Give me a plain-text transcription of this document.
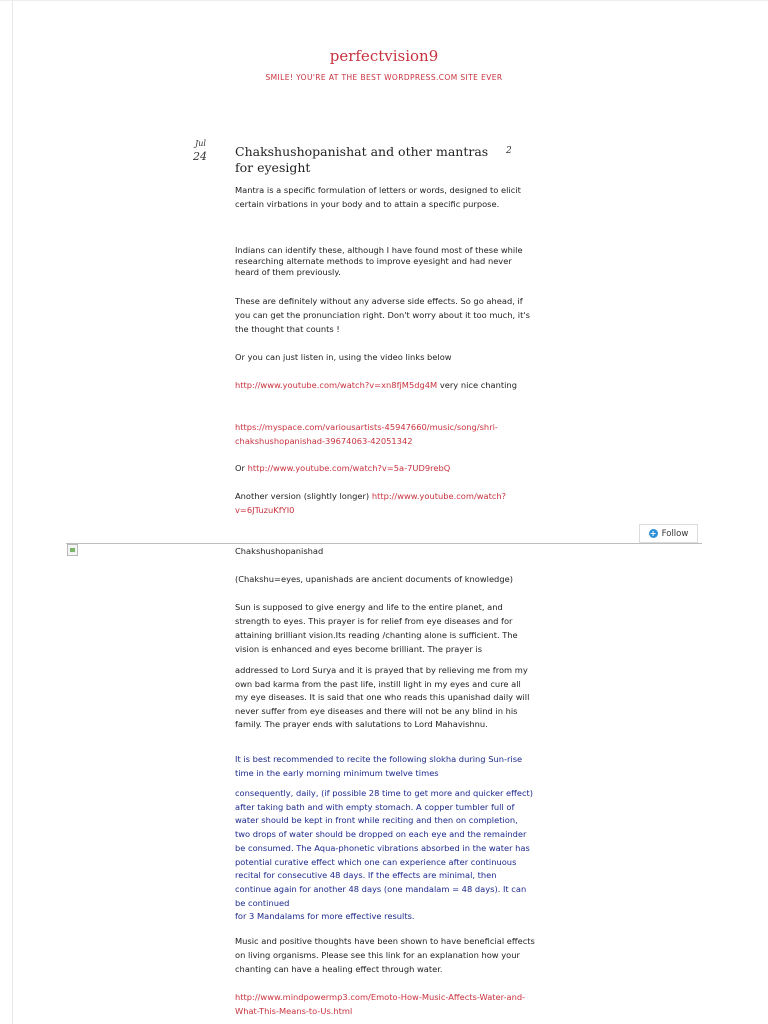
perfectvision9
SMILE! YOU'RE AT THE BEST WORDPRESS.COM SITE EVER
Jul
24 Chakshushopanishat and other mantras for eyesight
2
Mantra is a specific formulation of letters or words, designed to elicit certain virbations in your body and to attain a specific purpose.
Indians can identify these, although I have found most of these while researching alternate methods to improve eyesight and had never heard of them previously.
These are definitely without any adverse side effects. So go ahead, if you can get the pronunciation right. Don't worry about it too much, it's the thought that counts !
Or you can just listen in, using the video links below
http://www.youtube.com/watch?v=xn8fjM5dg4M very nice chanting
https://myspace.com/variousartists-45947660/music/song/shri-chakshushopanishad-39674063-42051342
Or http://www.youtube.com/watch?v=5a-7UD9rebQ
Another version (slightly longer) http://www.youtube.com/watch?v=6JTuzuKfYI0
+ Follow
Chakshushopanishad
(Chakshu=eyes, upanishads are ancient documents of knowledge)
Sun is supposed to give energy and life to the entire planet, and strength to eyes. This prayer is for relief from eye diseases and for attaining brilliant vision.Its reading /chanting alone is sufficient. The vision is enhanced and eyes become brilliant. The prayer is
addressed to Lord Surya and it is prayed that by relieving me from my own bad karma from the past life, instill light in my eyes and cure all my eye diseases. It is said that one who reads this upanishad daily will never suffer from eye diseases and there will not be any blind in his family. The prayer ends with salutations to Lord Mahavishnu.
It is best recommended to recite the following slokha during Sun-rise time in the early morning minimum twelve times
consequently, daily, (if possible 28 time to get more and quicker effect) after taking bath and with empty stomach. A copper tumbler full of water should be kept in front while reciting and then on completion, two drops of water should be dropped on each eye and the remainder be consumed. The Aqua-phonetic vibrations absorbed in the water has potential curative effect which one can experience after continuous recital for consecutive 48 days. If the effects are minimal, then continue again for another 48 days (one mandalam = 48 days). It can be continued
for 3 Mandalams for more effective results.
Music and positive thoughts have been shown to have beneficial effects on living organisms. Please see this link for an explanation how your chanting can have a healing effect through water.
http://www.mindpowermp3.com/Emoto-How-Music-Affects-Water-and-What-This-Means-to-Us.html
